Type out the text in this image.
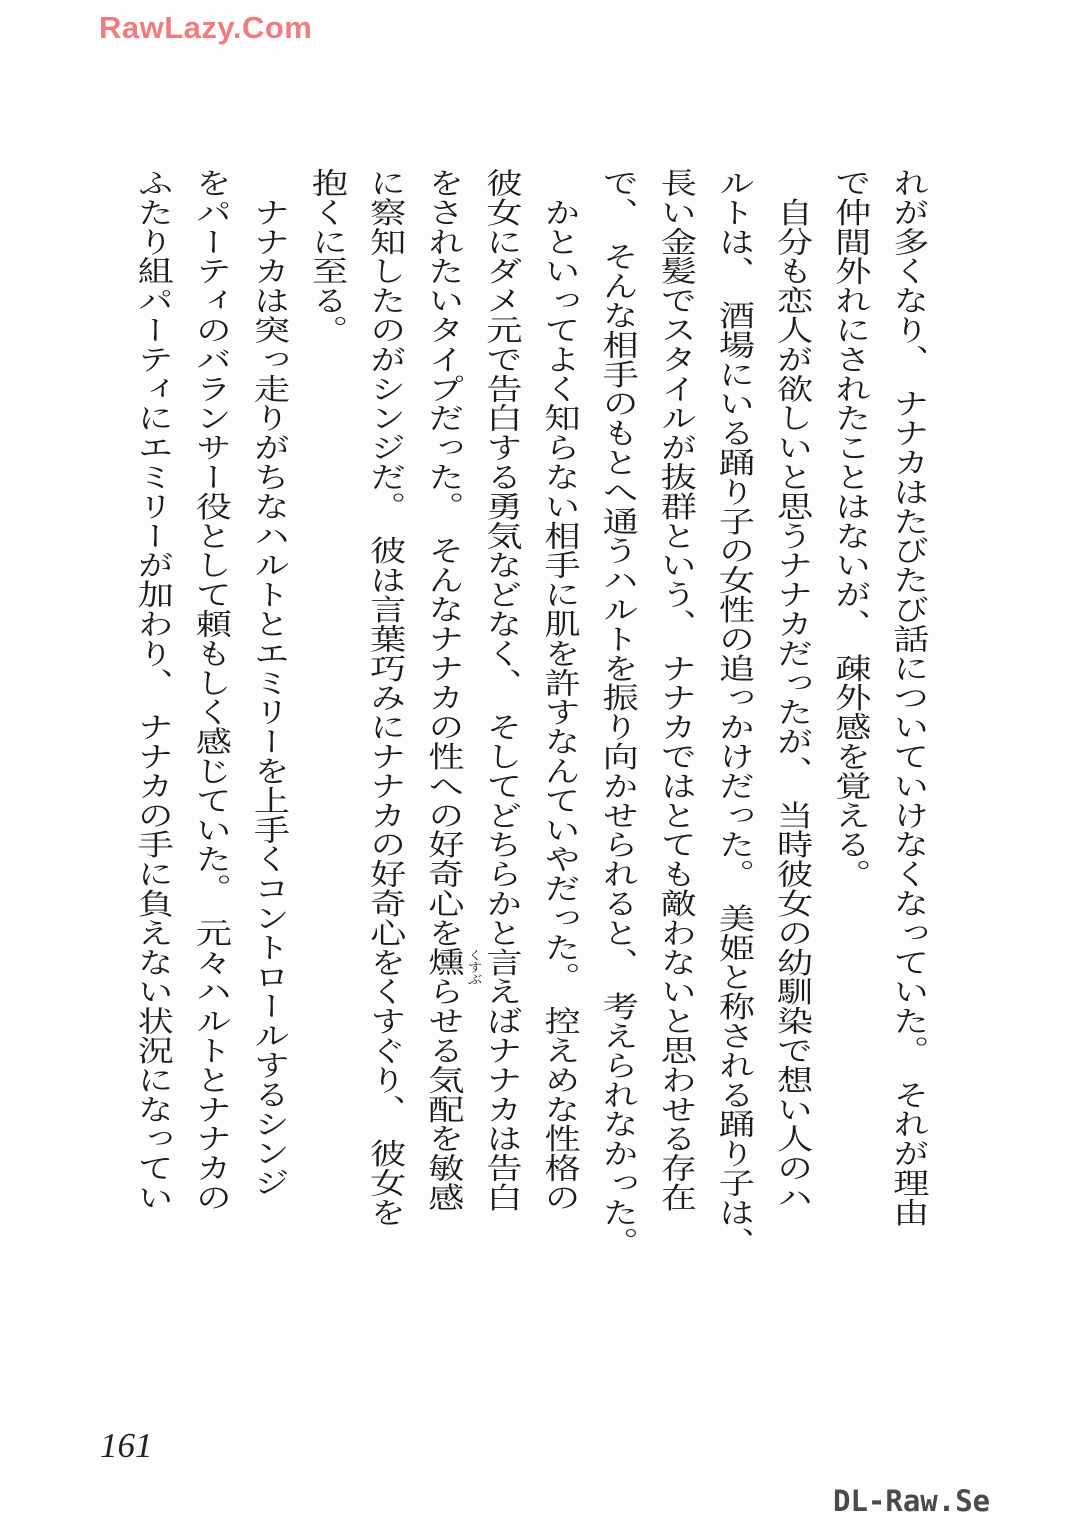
RawLazy.Com
れが多くなり、　ナナカはたびたび話についていけなくなっていた。　それが理由
で仲間外れにされたことはないが、　疎外感を覚える。
　自分も恋人が欲しいと思うナナカだったが、　当時彼女の幼馴染で想い人のハ
ルトは、　酒場にいる踊り子の女性の追っかけだった。　美姫と称される踊り子は、
長い金髪でスタイルが抜群という、　ナナカではとても敵わないと思わせる存在
で、　そんな相手のもとへ通うハルトを振り向かせられると、　考えられなかった。
　かといってよく知らない相手に肌を許すなんていやだった。　控えめな性格の
彼女にダメ元で告白する勇気などなく、　そしてどちらかと言えばナナカは告白
をされたいタイプだった。　そんなナナカの性への好奇心を燻 くすぶ
らせる気配を敏感
に察知したのがシンジだ。　彼は言葉巧みにナナカの好奇心をくすぐり、　彼女を
抱くに至る。
　ナナカは突っ走りがちなハルトとエミリーを上手くコントロールするシンジ
をパーティのバランサー役として頼もしく感じていた。　元々ハルトとナナカの
ふたり組パーティにエミリーが加わり、　ナナカの手に負えない状況になってい
161
DL-Raw.Se
